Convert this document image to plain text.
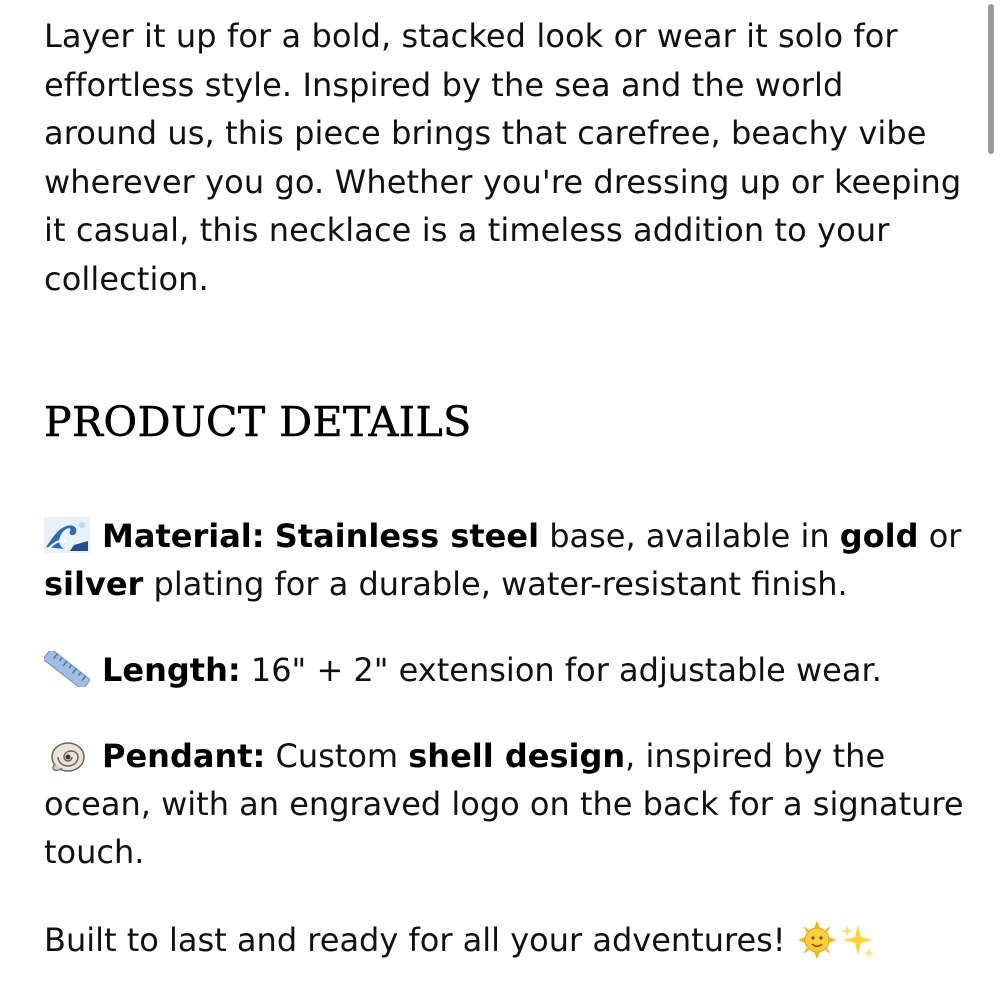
Layer it up for a bold, stacked look or wear it solo for effortless style. Inspired by the sea and the world around us, this piece brings that carefree, beachy vibe wherever you go. Whether you're dressing up or keeping it casual, this necklace is a timeless addition to your collection.

PRODUCT DETAILS

Material: Stainless steel base, available in gold or silver plating for a durable, water-resistant finish.

Length: 16" + 2" extension for adjustable wear.

Pendant: Custom shell design, inspired by the ocean, with an engraved logo on the back for a signature touch.

Built to last and ready for all your adventures!
